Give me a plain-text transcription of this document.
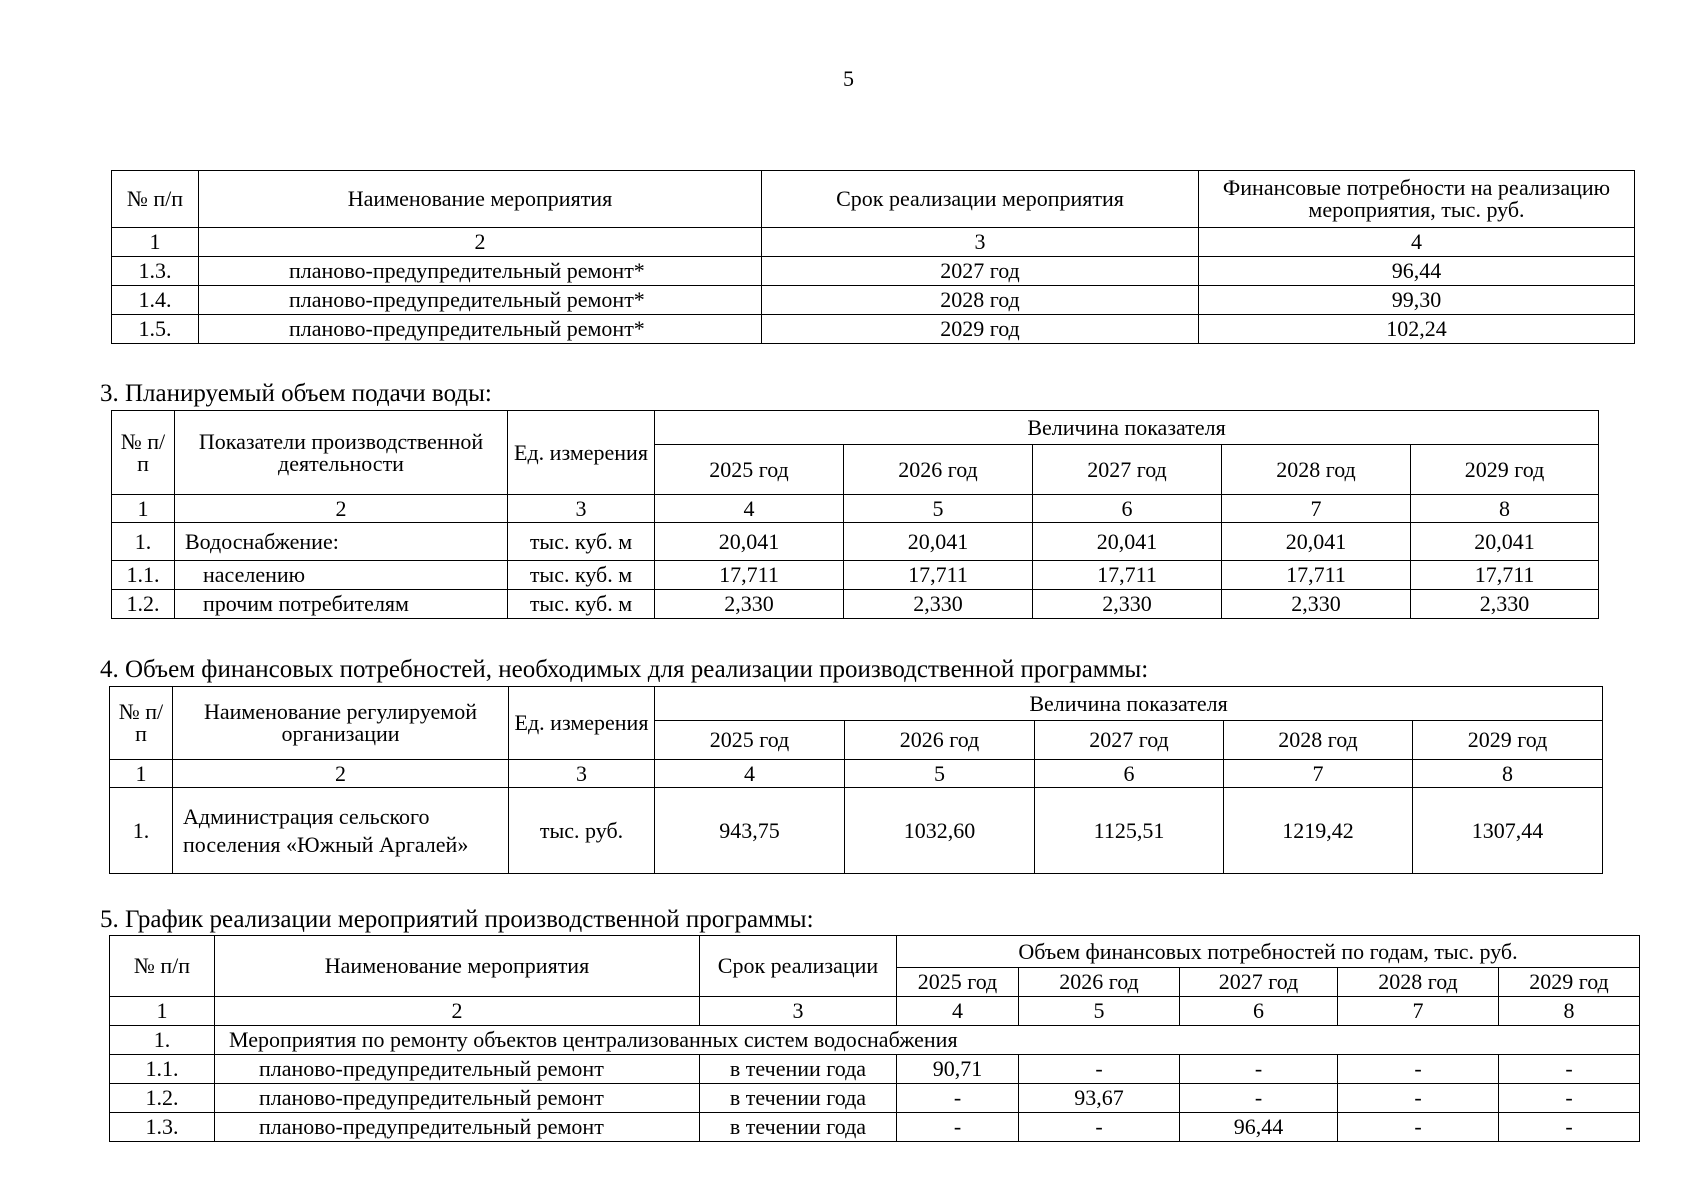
5
№ п/п	Наименование мероприятия	Срок реализации мероприятия	Финансовые потребности на реализацию мероприятия, тыс. руб.
1	2	3	4
1.3.	планово-предупредительный ремонт*	2027 год	96,44
1.4.	планово-предупредительный ремонт*	2028 год	99,30
1.5.	планово-предупредительный ремонт*	2029 год	102,24
3. Планируемый объем подачи воды:
№ п/п	Показатели производственной деятельности	Ед. измерения	Величина показателя				
			2025 год	2026 год	2027 год	2028 год	2029 год
1	2	3	4	5	6	7	8
1.	Водоснабжение:	тыс. куб. м	20,041	20,041	20,041	20,041	20,041
1.1.	населению	тыс. куб. м	17,711	17,711	17,711	17,711	17,711
1.2.	прочим потребителям	тыс. куб. м	2,330	2,330	2,330	2,330	2,330
4. Объем финансовых потребностей, необходимых для реализации производственной программы:
№ п/п	Наименование регулируемой организации	Ед. измерения	Величина показателя				
			2025 год	2026 год	2027 год	2028 год	2029 год
1	2	3	4	5	6	7	8
1.	Администрация сельского поселения «Южный Аргалей»	тыс. руб.	943,75	1032,60	1125,51	1219,42	1307,44
5. График реализации мероприятий производственной программы:
№ п/п	Наименование мероприятия	Срок реализации	Объем финансовых потребностей по годам, тыс. руб.				
			2025 год	2026 год	2027 год	2028 год	2029 год
1	2	3	4	5	6	7	8
1.	Мероприятия по ремонту объектов централизованных систем водоснабжения						
1.1.	планово-предупредительный ремонт	в течении года	90,71	-	-	-	-
1.2.	планово-предупредительный ремонт	в течении года	-	93,67	-	-	-
1.3.	планово-предупредительный ремонт	в течении года	-	-	96,44	-	-
